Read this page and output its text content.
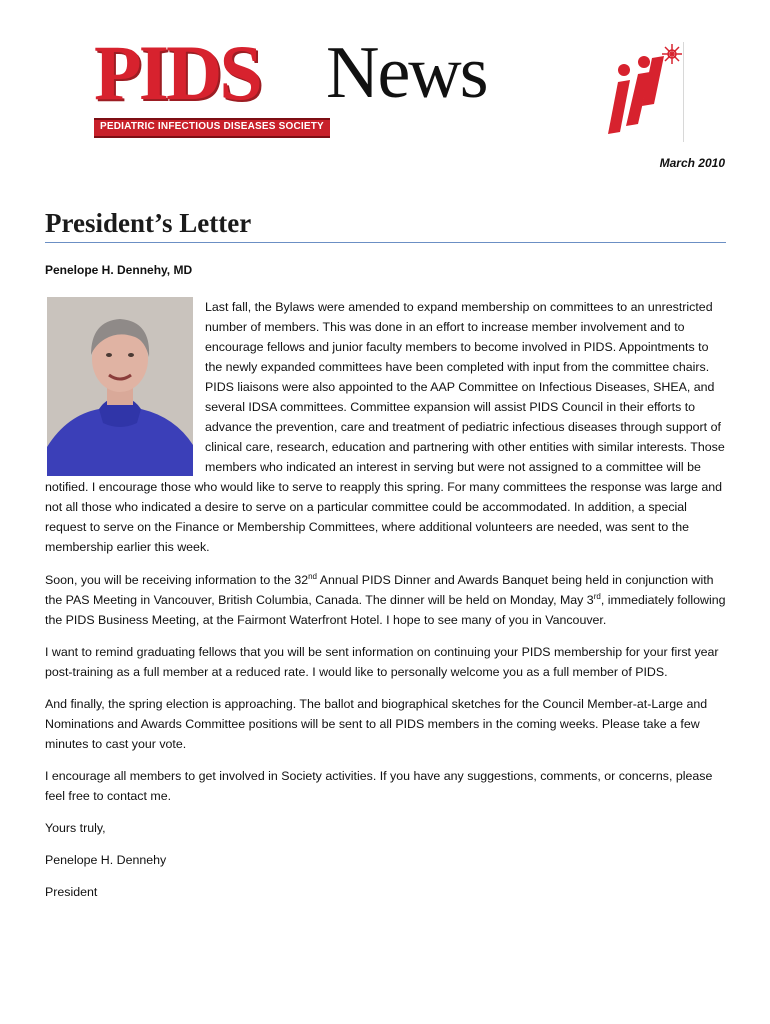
PIDS News
PEDIATRIC INFECTIOUS DISEASES SOCIETY
March 2010
President’s Letter
Penelope H. Dennehy, MD

Last fall, the Bylaws were amended to expand membership on committees to an unrestricted number of members. This was done in an effort to increase member involvement and to encourage fellows and junior faculty members to become involved in PIDS. Appointments to the newly expanded committees have been completed with input from the committee chairs. PIDS liaisons were also appointed to the AAP Committee on Infectious Diseases, SHEA, and several IDSA committees. Committee expansion will assist PIDS Council in their efforts to advance the prevention, care and treatment of pediatric infectious diseases through support of clinical care, research, education and partnering with other entities with similar interests. Those members who indicated an interest in serving but were not assigned to a committee will be notified. I encourage those who would like to serve to reapply this spring. For many committees the response was large and not all those who indicated a desire to serve on a particular committee could be accommodated. In addition, a special request to serve on the Finance or Membership Committees, where additional volunteers are needed, was sent to the membership earlier this week.

Soon, you will be receiving information to the 32nd Annual PIDS Dinner and Awards Banquet being held in conjunction with the PAS Meeting in Vancouver, British Columbia, Canada. The dinner will be held on Monday, May 3rd, immediately following the PIDS Business Meeting, at the Fairmont Waterfront Hotel. I hope to see many of you in Vancouver.

I want to remind graduating fellows that you will be sent information on continuing your PIDS membership for your first year post-training as a full member at a reduced rate. I would like to personally welcome you as a full member of PIDS.

And finally, the spring election is approaching. The ballot and biographical sketches for the Council Member-at-Large and Nominations and Awards Committee positions will be sent to all PIDS members in the coming weeks. Please take a few minutes to cast your vote.

I encourage all members to get involved in Society activities. If you have any suggestions, comments, or concerns, please feel free to contact me.

Yours truly,

Penelope H. Dennehy

President
